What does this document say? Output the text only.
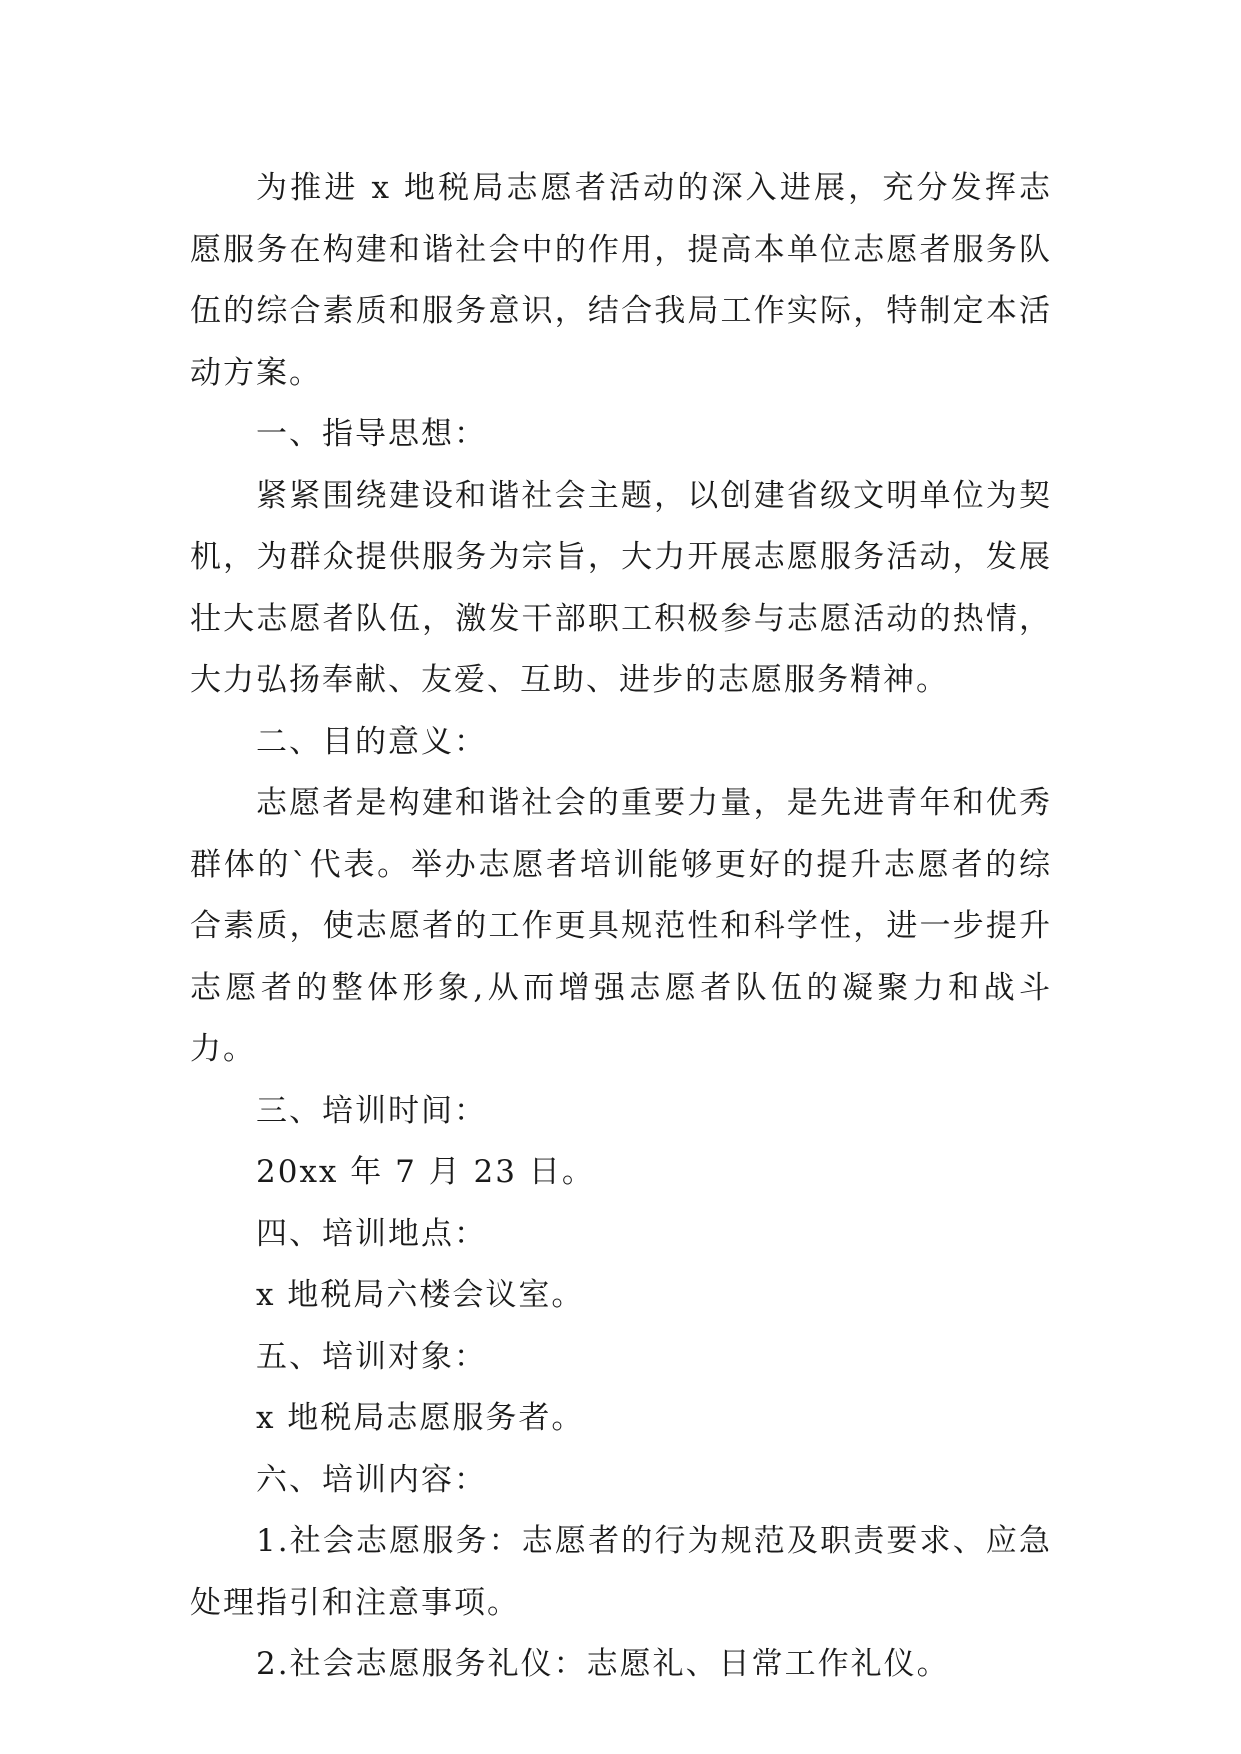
为推进 x 地税局志愿者活动的深入进展，充分发挥志愿服务在构建和谐社会中的作用，提高本单位志愿者服务队伍的综合素质和服务意识，结合我局工作实际，特制定本活动方案。

一、指导思想：

紧紧围绕建设和谐社会主题，以创建省级文明单位为契机，为群众提供服务为宗旨，大力开展志愿服务活动，发展壮大志愿者队伍，激发干部职工积极参与志愿活动的热情，大力弘扬奉献、友爱、互助、进步的志愿服务精神。

二、目的意义：

志愿者是构建和谐社会的重要力量，是先进青年和优秀群体的`代表。举办志愿者培训能够更好的提升志愿者的综合素质，使志愿者的工作更具规范性和科学性，进一步提升志愿者的整体形象,从而增强志愿者队伍的凝聚力和战斗力。

三、培训时间：

20xx 年 7 月 23 日。

四、培训地点：

x 地税局六楼会议室。

五、培训对象：

x 地税局志愿服务者。

六、培训内容：

1.社会志愿服务：志愿者的行为规范及职责要求、应急处理指引和注意事项。

2.社会志愿服务礼仪：志愿礼、日常工作礼仪。
